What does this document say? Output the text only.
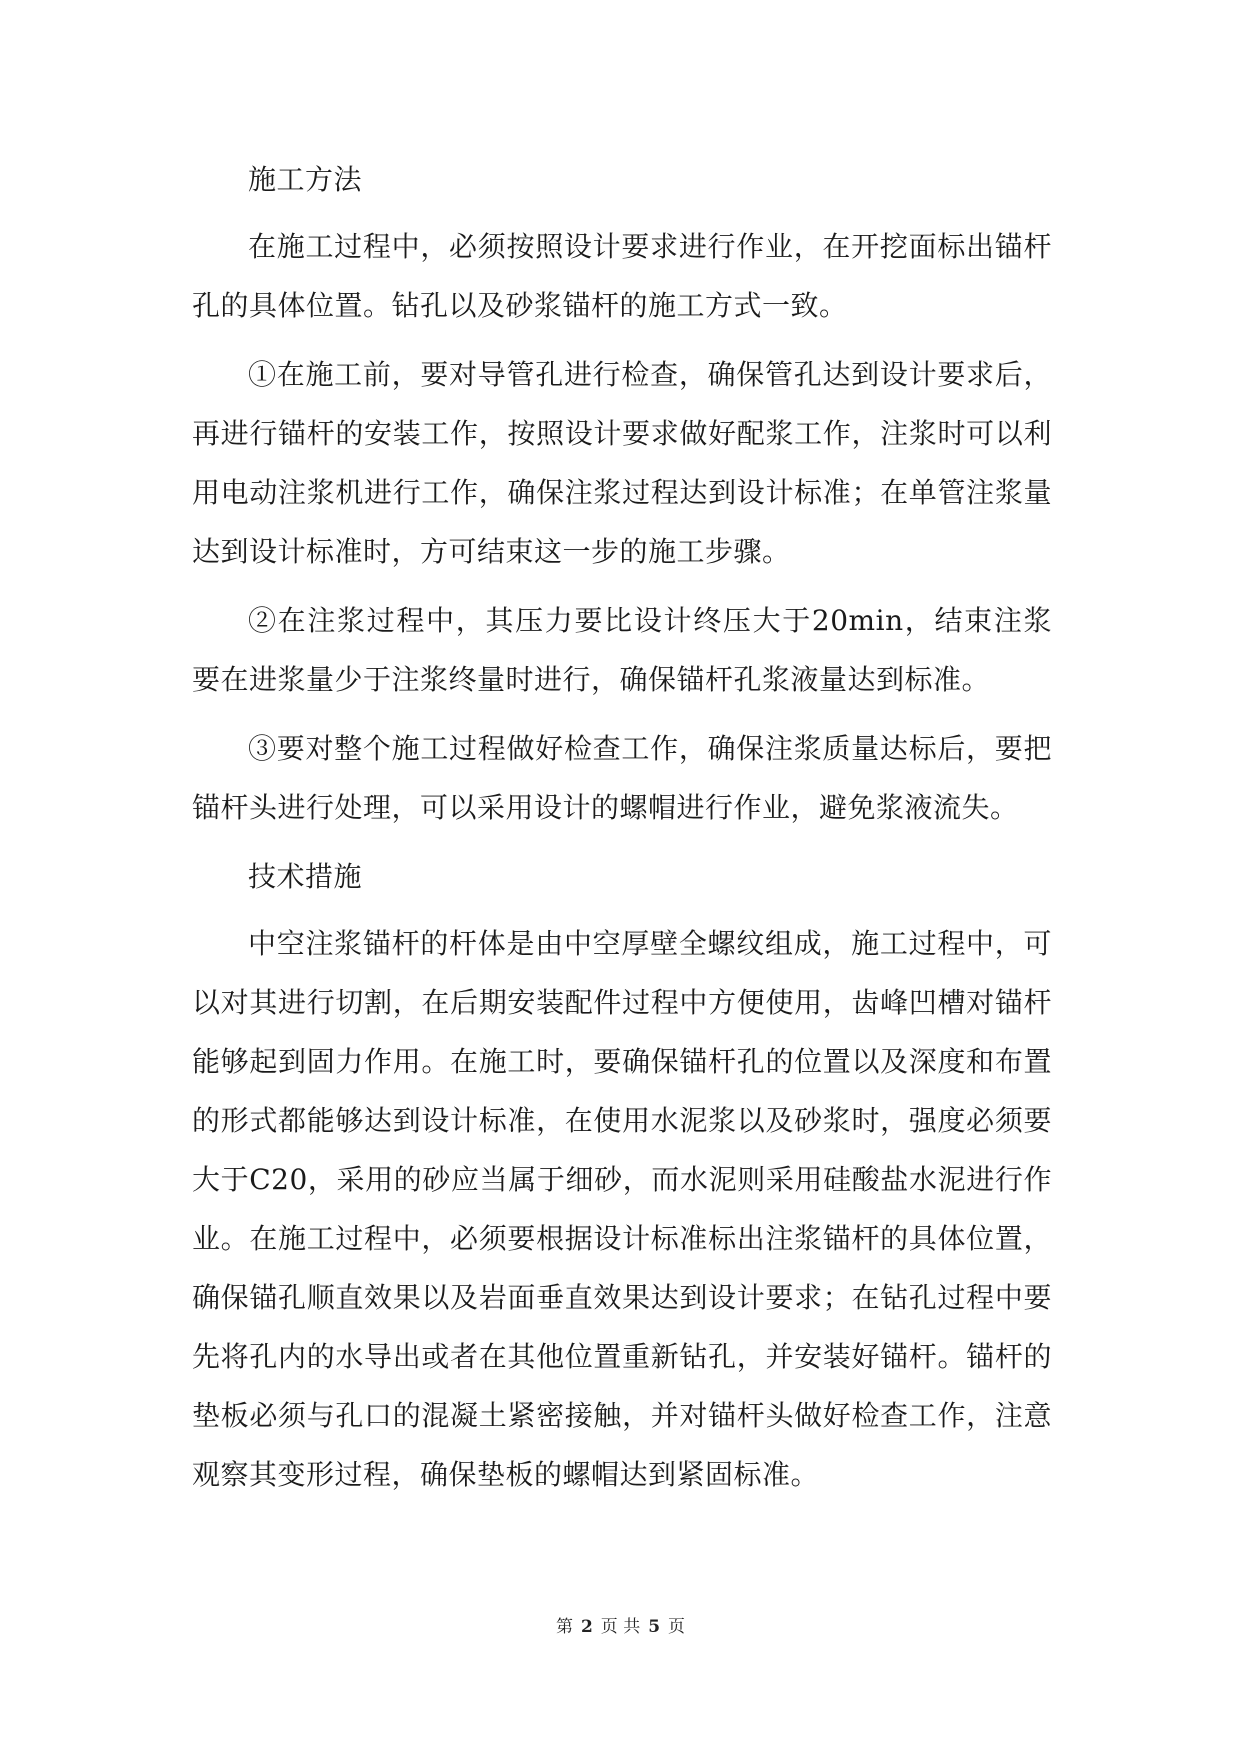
施工方法

在施工过程中，必须按照设计要求进行作业，在开挖面标出锚杆孔的具体位置。钻孔以及砂浆锚杆的施工方式一致。

①在施工前，要对导管孔进行检查，确保管孔达到设计要求后，再进行锚杆的安装工作，按照设计要求做好配浆工作，注浆时可以利用电动注浆机进行工作，确保注浆过程达到设计标准；在单管注浆量达到设计标准时，方可结束这一步的施工步骤。

②在注浆过程中，其压力要比设计终压大于20min，结束注浆要在进浆量少于注浆终量时进行，确保锚杆孔浆液量达到标准。

③要对整个施工过程做好检查工作，确保注浆质量达标后，要把锚杆头进行处理，可以采用设计的螺帽进行作业，避免浆液流失。

技术措施

中空注浆锚杆的杆体是由中空厚壁全螺纹组成，施工过程中，可以对其进行切割，在后期安装配件过程中方便使用，齿峰凹槽对锚杆能够起到固力作用。在施工时，要确保锚杆孔的位置以及深度和布置的形式都能够达到设计标准，在使用水泥浆以及砂浆时，强度必须要大于C20，采用的砂应当属于细砂，而水泥则采用硅酸盐水泥进行作业。在施工过程中，必须要根据设计标准标出注浆锚杆的具体位置，确保锚孔顺直效果以及岩面垂直效果达到设计要求；在钻孔过程中要先将孔内的水导出或者在其他位置重新钻孔，并安装好锚杆。锚杆的垫板必须与孔口的混凝土紧密接触，并对锚杆头做好检查工作，注意观察其变形过程，确保垫板的螺帽达到紧固标准。

第 2 页 共 5 页
